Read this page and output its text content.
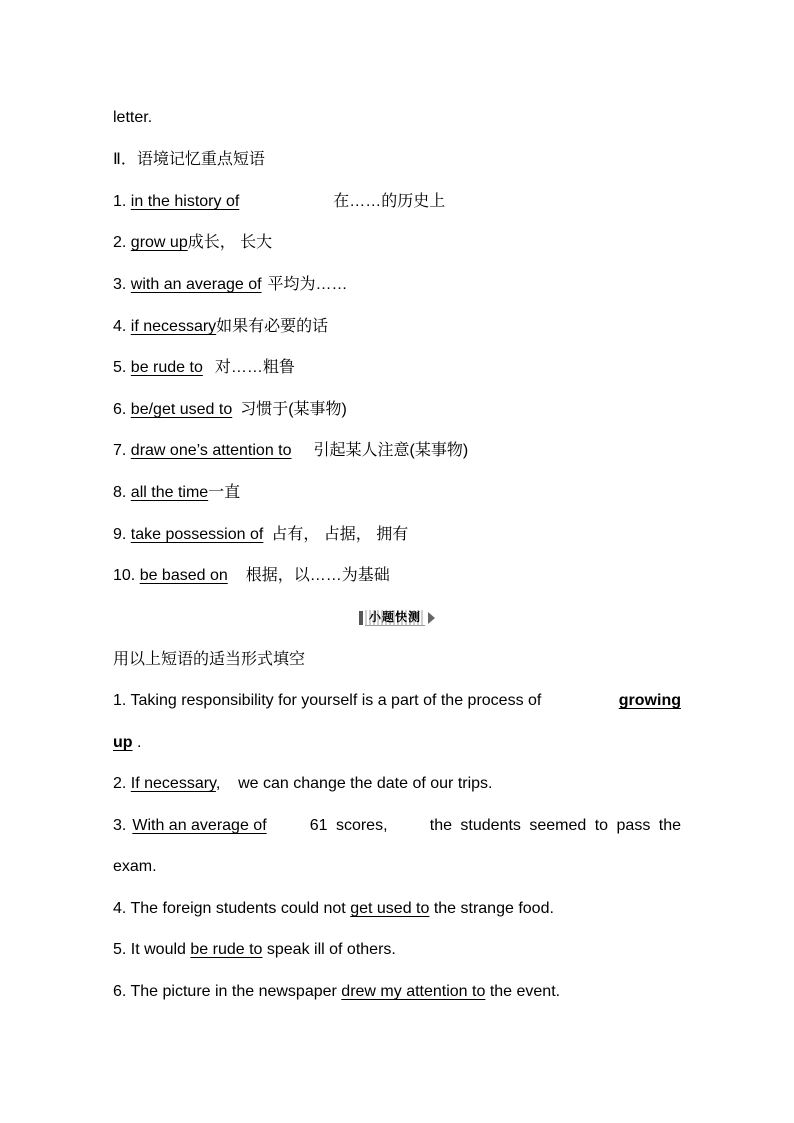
letter.
Ⅱ．语境记忆重点短语
1. in the history of	在……的历史上
2. grow up成长， 长大
3. with an average of 平均为……
4. if necessary如果有必要的话
5. be rude to 对……粗鲁
6. be/get used to 习惯于(某事物)
7. draw one’s attention to 引起某人注意(某事物)
8. all the time一直
9. take possession of 占有， 占据， 拥有
10. be based on 根据，以……为基础
小题快测
用以上短语的适当形式填空
1. Taking responsibility for yourself is a part of the process of	growing
up .
2. If necessary,    we can change the date of our trips.
3. With an average of	61 scores,     the students seemed to pass the
exam.
4. The foreign students could not get used to the strange food.
5. It would be rude to speak ill of others.
6. The picture in the newspaper drew my attention to the event.
